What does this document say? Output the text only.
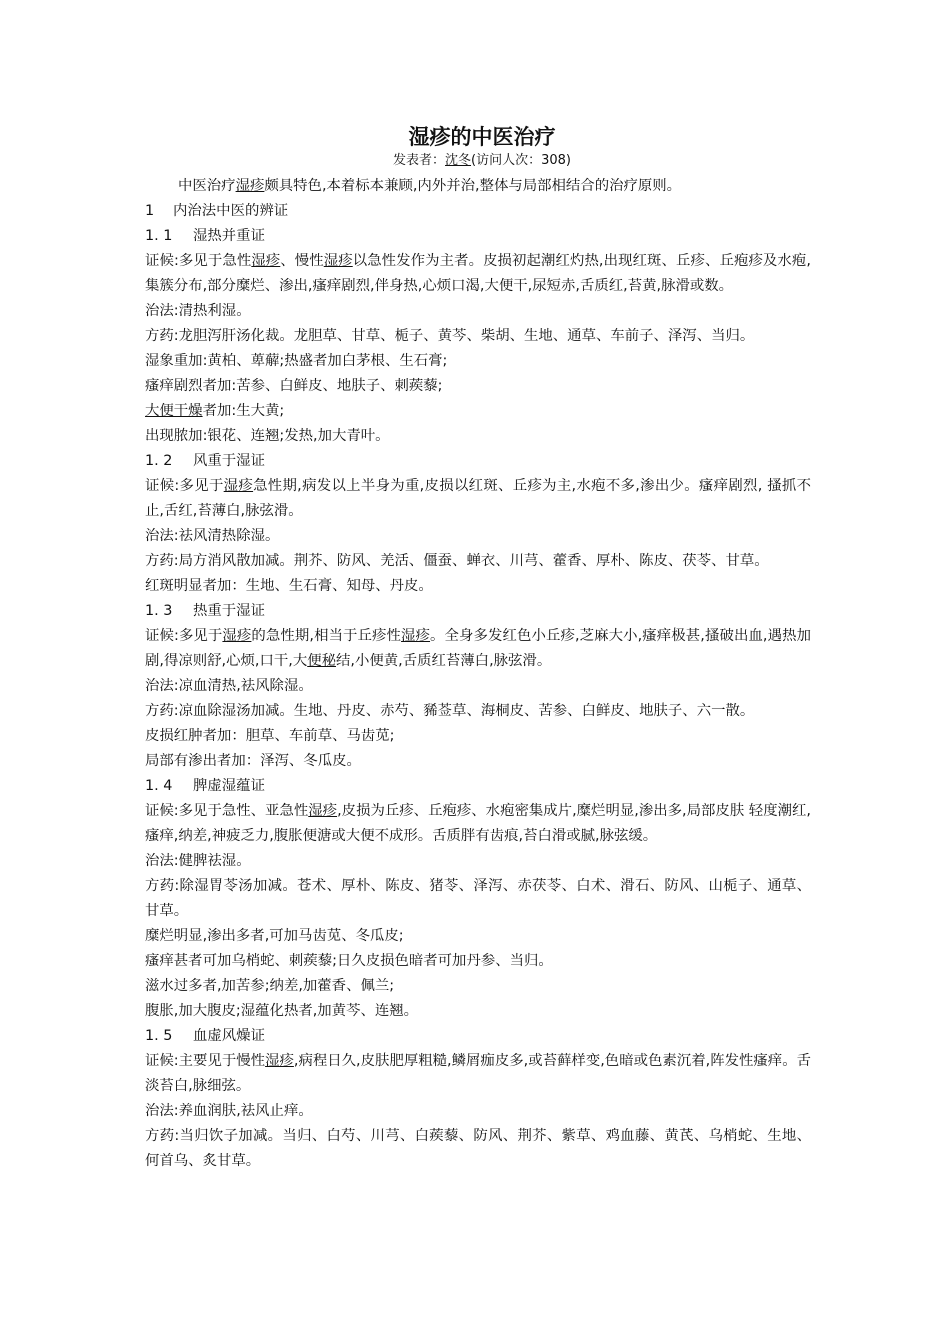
湿疹的中医治疗
发表者：沈冬(访问人次：308)

中医治疗湿疹颇具特色,本着标本兼顾,内外并治,整体与局部相结合的治疗原则。

1 内治法中医的辨证

1. 1 湿热并重证

证候:多见于急性湿疹、慢性湿疹以急性发作为主者。皮损初起潮红灼热,出现红斑、丘疹、丘疱疹及水疱,集簇分布,部分糜烂、渗出,瘙痒剧烈,伴身热,心烦口渴,大便干,尿短赤,舌质红,苔黄,脉滑或数。

治法:清热利湿。

方药:龙胆泻肝汤化裁。龙胆草、甘草、栀子、黄芩、柴胡、生地、通草、车前子、泽泻、当归。

湿象重加:黄柏、萆薢;热盛者加白茅根、生石膏;

瘙痒剧烈者加:苦参、白鲜皮、地肤子、刺蒺藜;

大便干燥者加:生大黄;

出现脓加:银花、连翘;发热,加大青叶。

1. 2 风重于湿证

证候:多见于湿疹急性期,病发以上半身为重,皮损以红斑、丘疹为主,水疱不多,渗出少。瘙痒剧烈, 搔抓不止,舌红,苔薄白,脉弦滑。

治法:祛风清热除湿。

方药:局方消风散加减。荆芥、防风、羌活、僵蚕、蝉衣、川芎、藿香、厚朴、陈皮、茯苓、甘草。

红斑明显者加：生地、生石膏、知母、丹皮。

1. 3 热重于湿证

证候:多见于湿疹的急性期,相当于丘疹性湿疹。全身多发红色小丘疹,芝麻大小,瘙痒极甚,搔破出血,遇热加剧,得凉则舒,心烦,口干,大便秘结,小便黄,舌质红苔薄白,脉弦滑。

治法:凉血清热,祛风除湿。

方药:凉血除湿汤加减。生地、丹皮、赤芍、豨莶草、海桐皮、苦参、白鲜皮、地肤子、六一散。

皮损红肿者加：胆草、车前草、马齿苋;

局部有渗出者加：泽泻、冬瓜皮。

1. 4 脾虚湿蕴证

证候:多见于急性、亚急性湿疹,皮损为丘疹、丘疱疹、水疱密集成片,糜烂明显,渗出多,局部皮肤 轻度潮红,瘙痒,纳差,神疲乏力,腹胀便溏或大便不成形。舌质胖有齿痕,苔白滑或腻,脉弦缓。

治法:健脾祛湿。

方药:除湿胃苓汤加减。苍术、厚朴、陈皮、猪苓、泽泻、赤茯苓、白术、滑石、防风、山栀子、通草、甘草。

糜烂明显,渗出多者,可加马齿苋、冬瓜皮;

瘙痒甚者可加乌梢蛇、刺蒺藜;日久皮损色暗者可加丹参、当归。

滋水过多者,加苦参;纳差,加藿香、佩兰;

腹胀,加大腹皮;湿蕴化热者,加黄芩、连翘。

1. 5 血虚风燥证

证候:主要见于慢性湿疹,病程日久,皮肤肥厚粗糙,鳞屑痂皮多,或苔藓样变,色暗或色素沉着,阵发性瘙痒。舌淡苔白,脉细弦。

治法:养血润肤,祛风止痒。

方药:当归饮子加减。当归、白芍、川芎、白蒺藜、防风、荆芥、紫草、鸡血藤、黄芪、乌梢蛇、生地、何首乌、炙甘草。
